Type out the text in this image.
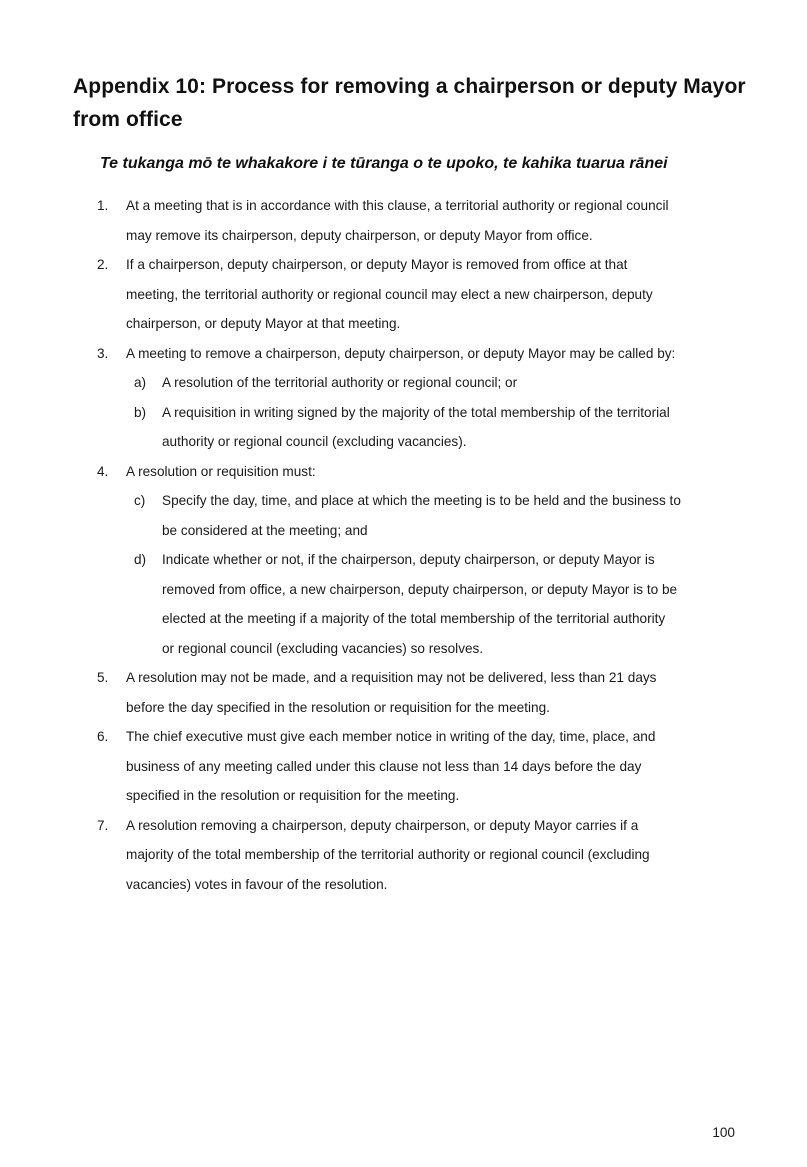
Appendix 10: Process for removing a chairperson or deputy Mayor
from office
Te tukanga mō te whakakore i te tūranga o te upoko, te kahika tuarua rānei
1. At a meeting that is in accordance with this clause, a territorial authority or regional council
may remove its chairperson, deputy chairperson, or deputy Mayor from office.
2. If a chairperson, deputy chairperson, or deputy Mayor is removed from office at that
meeting, the territorial authority or regional council may elect a new chairperson, deputy
chairperson, or deputy Mayor at that meeting.
3. A meeting to remove a chairperson, deputy chairperson, or deputy Mayor may be called by:
a) A resolution of the territorial authority or regional council; or
b) A requisition in writing signed by the majority of the total membership of the territorial
authority or regional council (excluding vacancies).
4. A resolution or requisition must:
c) Specify the day, time, and place at which the meeting is to be held and the business to
be considered at the meeting; and
d) Indicate whether or not, if the chairperson, deputy chairperson, or deputy Mayor is
removed from office, a new chairperson, deputy chairperson, or deputy Mayor is to be
elected at the meeting if a majority of the total membership of the territorial authority
or regional council (excluding vacancies) so resolves.
5. A resolution may not be made, and a requisition may not be delivered, less than 21 days
before the day specified in the resolution or requisition for the meeting.
6. The chief executive must give each member notice in writing of the day, time, place, and
business of any meeting called under this clause not less than 14 days before the day
specified in the resolution or requisition for the meeting.
7. A resolution removing a chairperson, deputy chairperson, or deputy Mayor carries if a
majority of the total membership of the territorial authority or regional council (excluding
vacancies) votes in favour of the resolution.
100
